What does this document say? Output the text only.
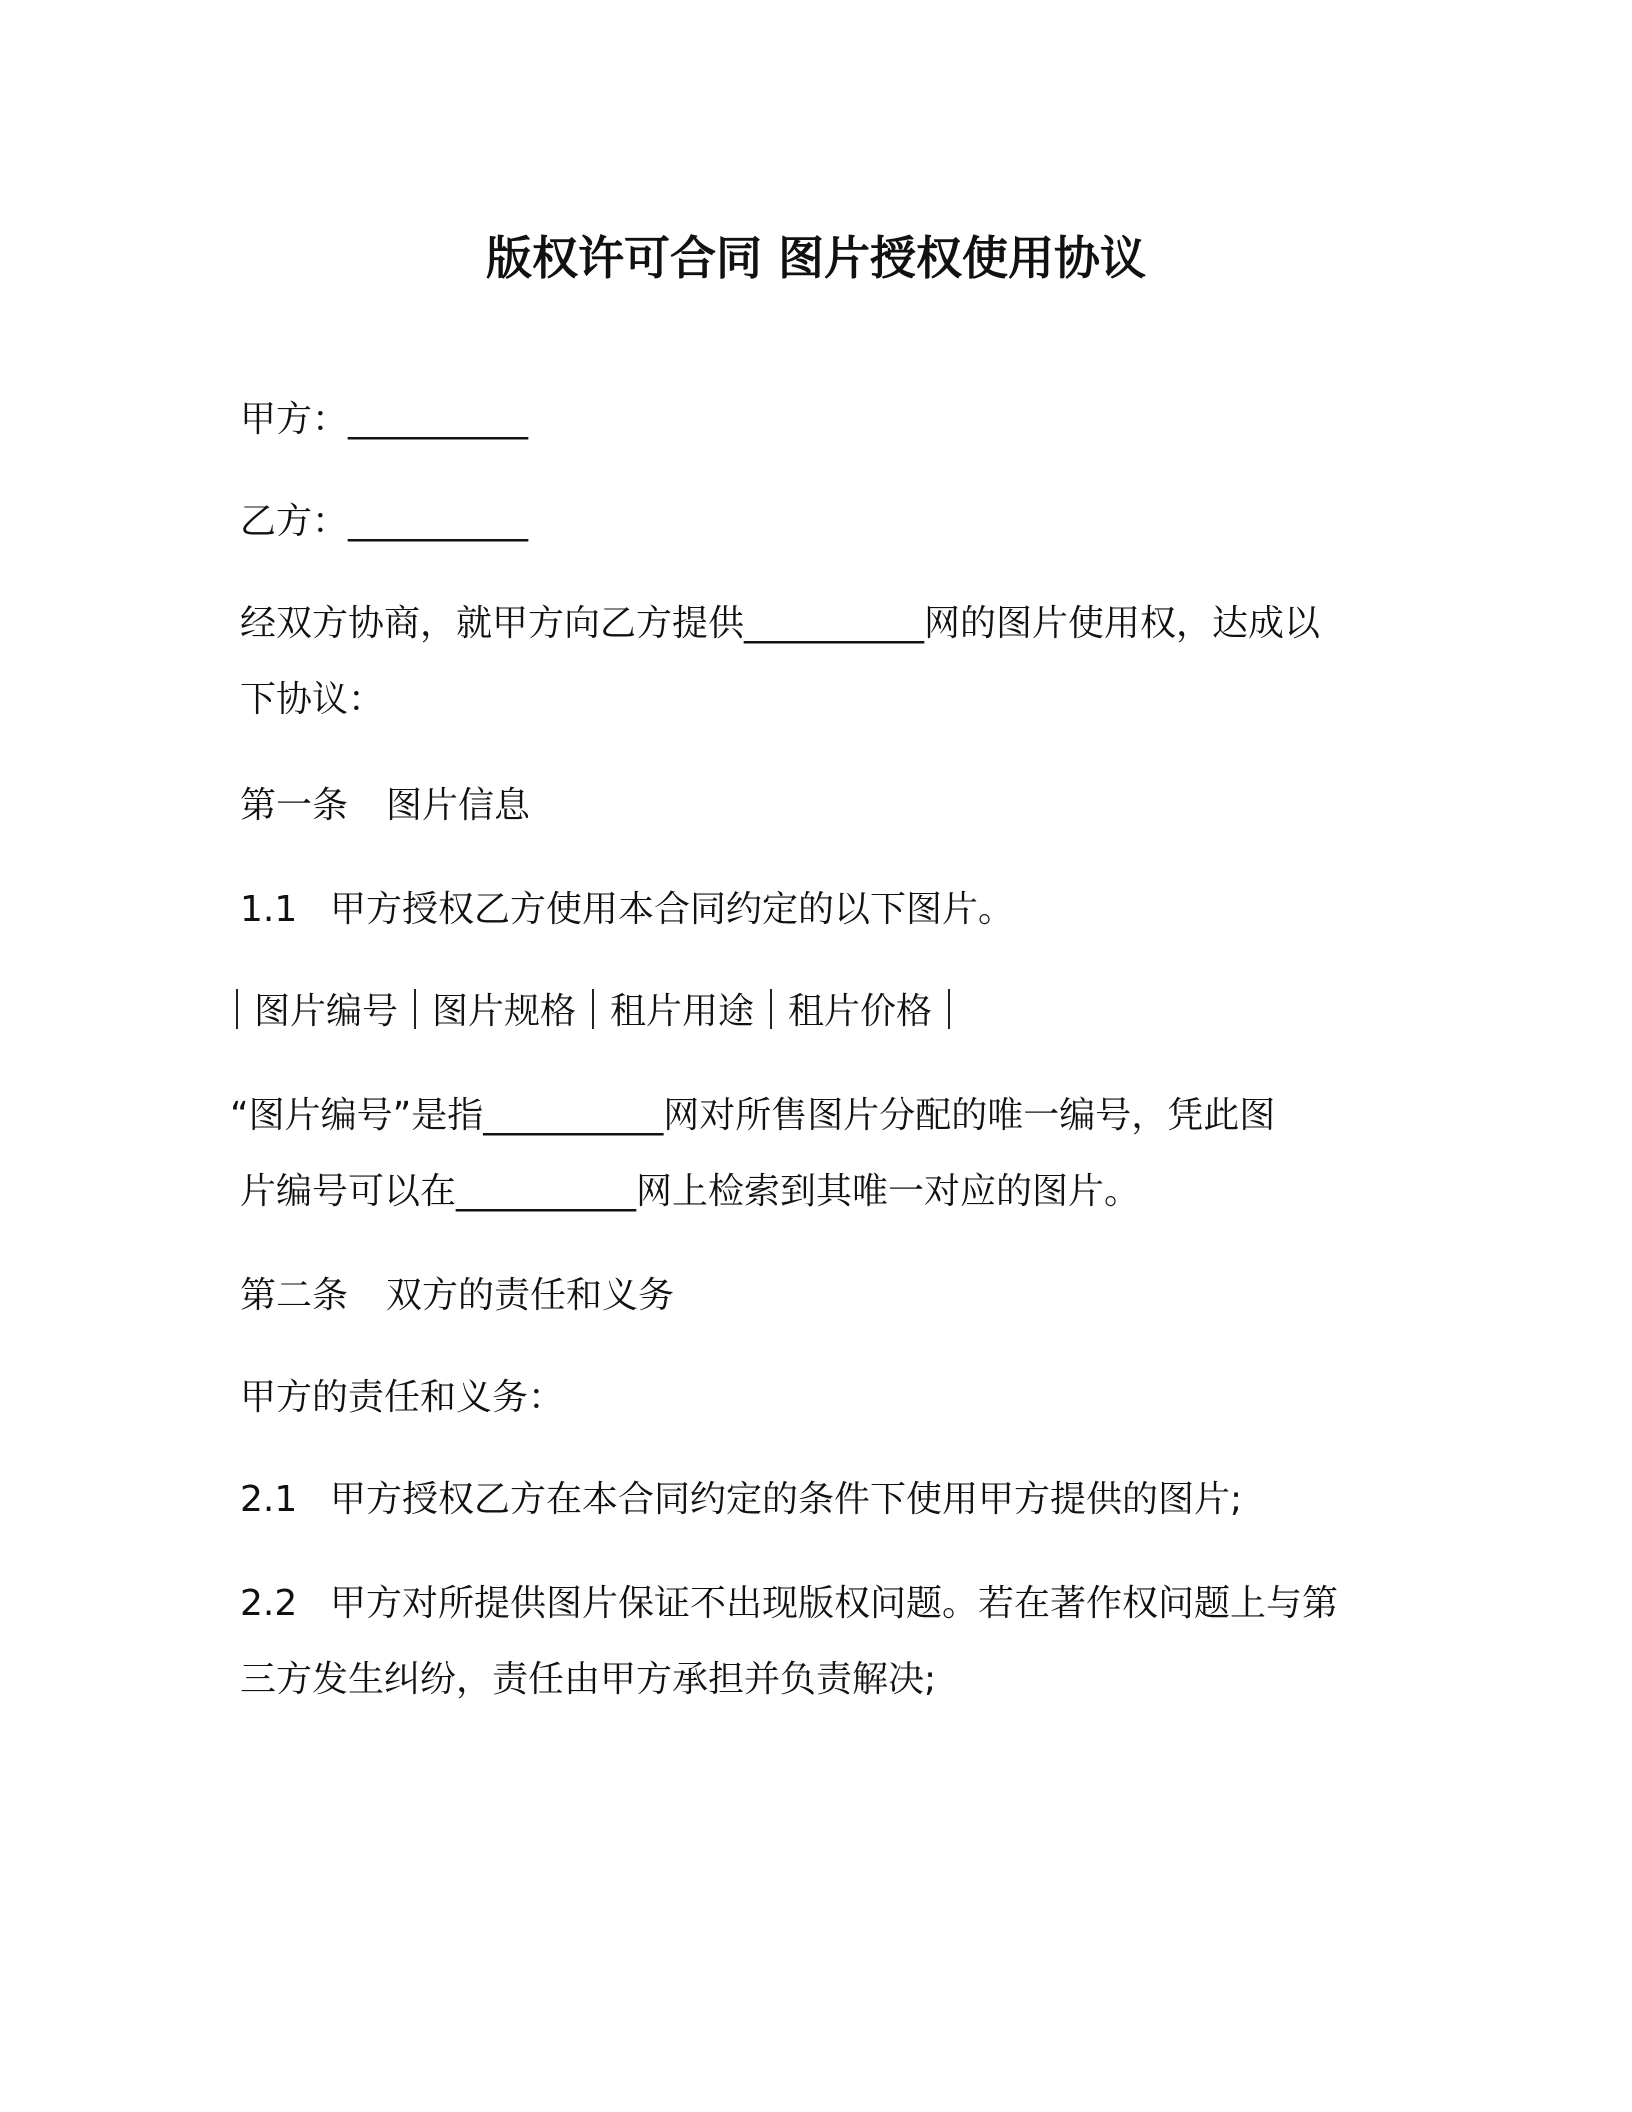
版权许可合同 图片授权使用协议
甲方：__________
乙方：__________
经双方协商，就甲方向乙方提供__________网的图片使用权，达成以
下协议：
第一条 图片信息
1.1 甲方授权乙方使用本合同约定的以下图片。
图片编号 图片规格 租片用途 租片价格
“图片编号”是指__________网对所售图片分配的唯一编号，凭此图
片编号可以在__________网上检索到其唯一对应的图片。
第二条 双方的责任和义务
甲方的责任和义务：
2.1 甲方授权乙方在本合同约定的条件下使用甲方提供的图片;
2.2 甲方对所提供图片保证不出现版权问题。若在著作权问题上与第
三方发生纠纷，责任由甲方承担并负责解决;
